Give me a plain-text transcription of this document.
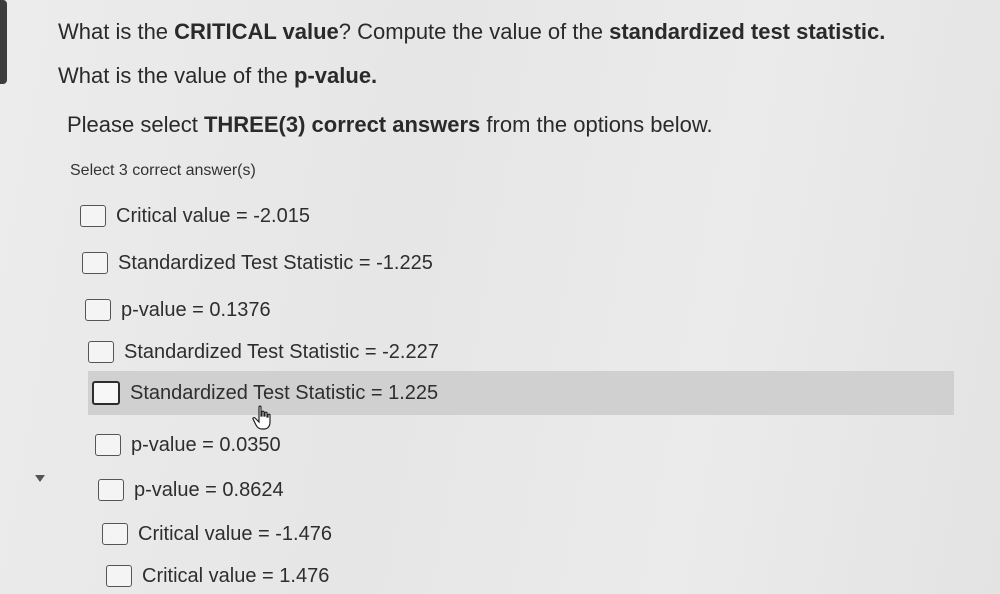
What is the CRITICAL value? Compute the value of the standardized test statistic.
What is the value of the p-value.
Please select THREE(3) correct answers from the options below.
Select 3 correct answer(s)
Critical value = -2.015
Standardized Test Statistic = -1.225
p-value = 0.1376
Standardized Test Statistic = -2.227
Standardized Test Statistic = 1.225
p-value = 0.0350
p-value = 0.8624
Critical value = -1.476
Critical value = 1.476
